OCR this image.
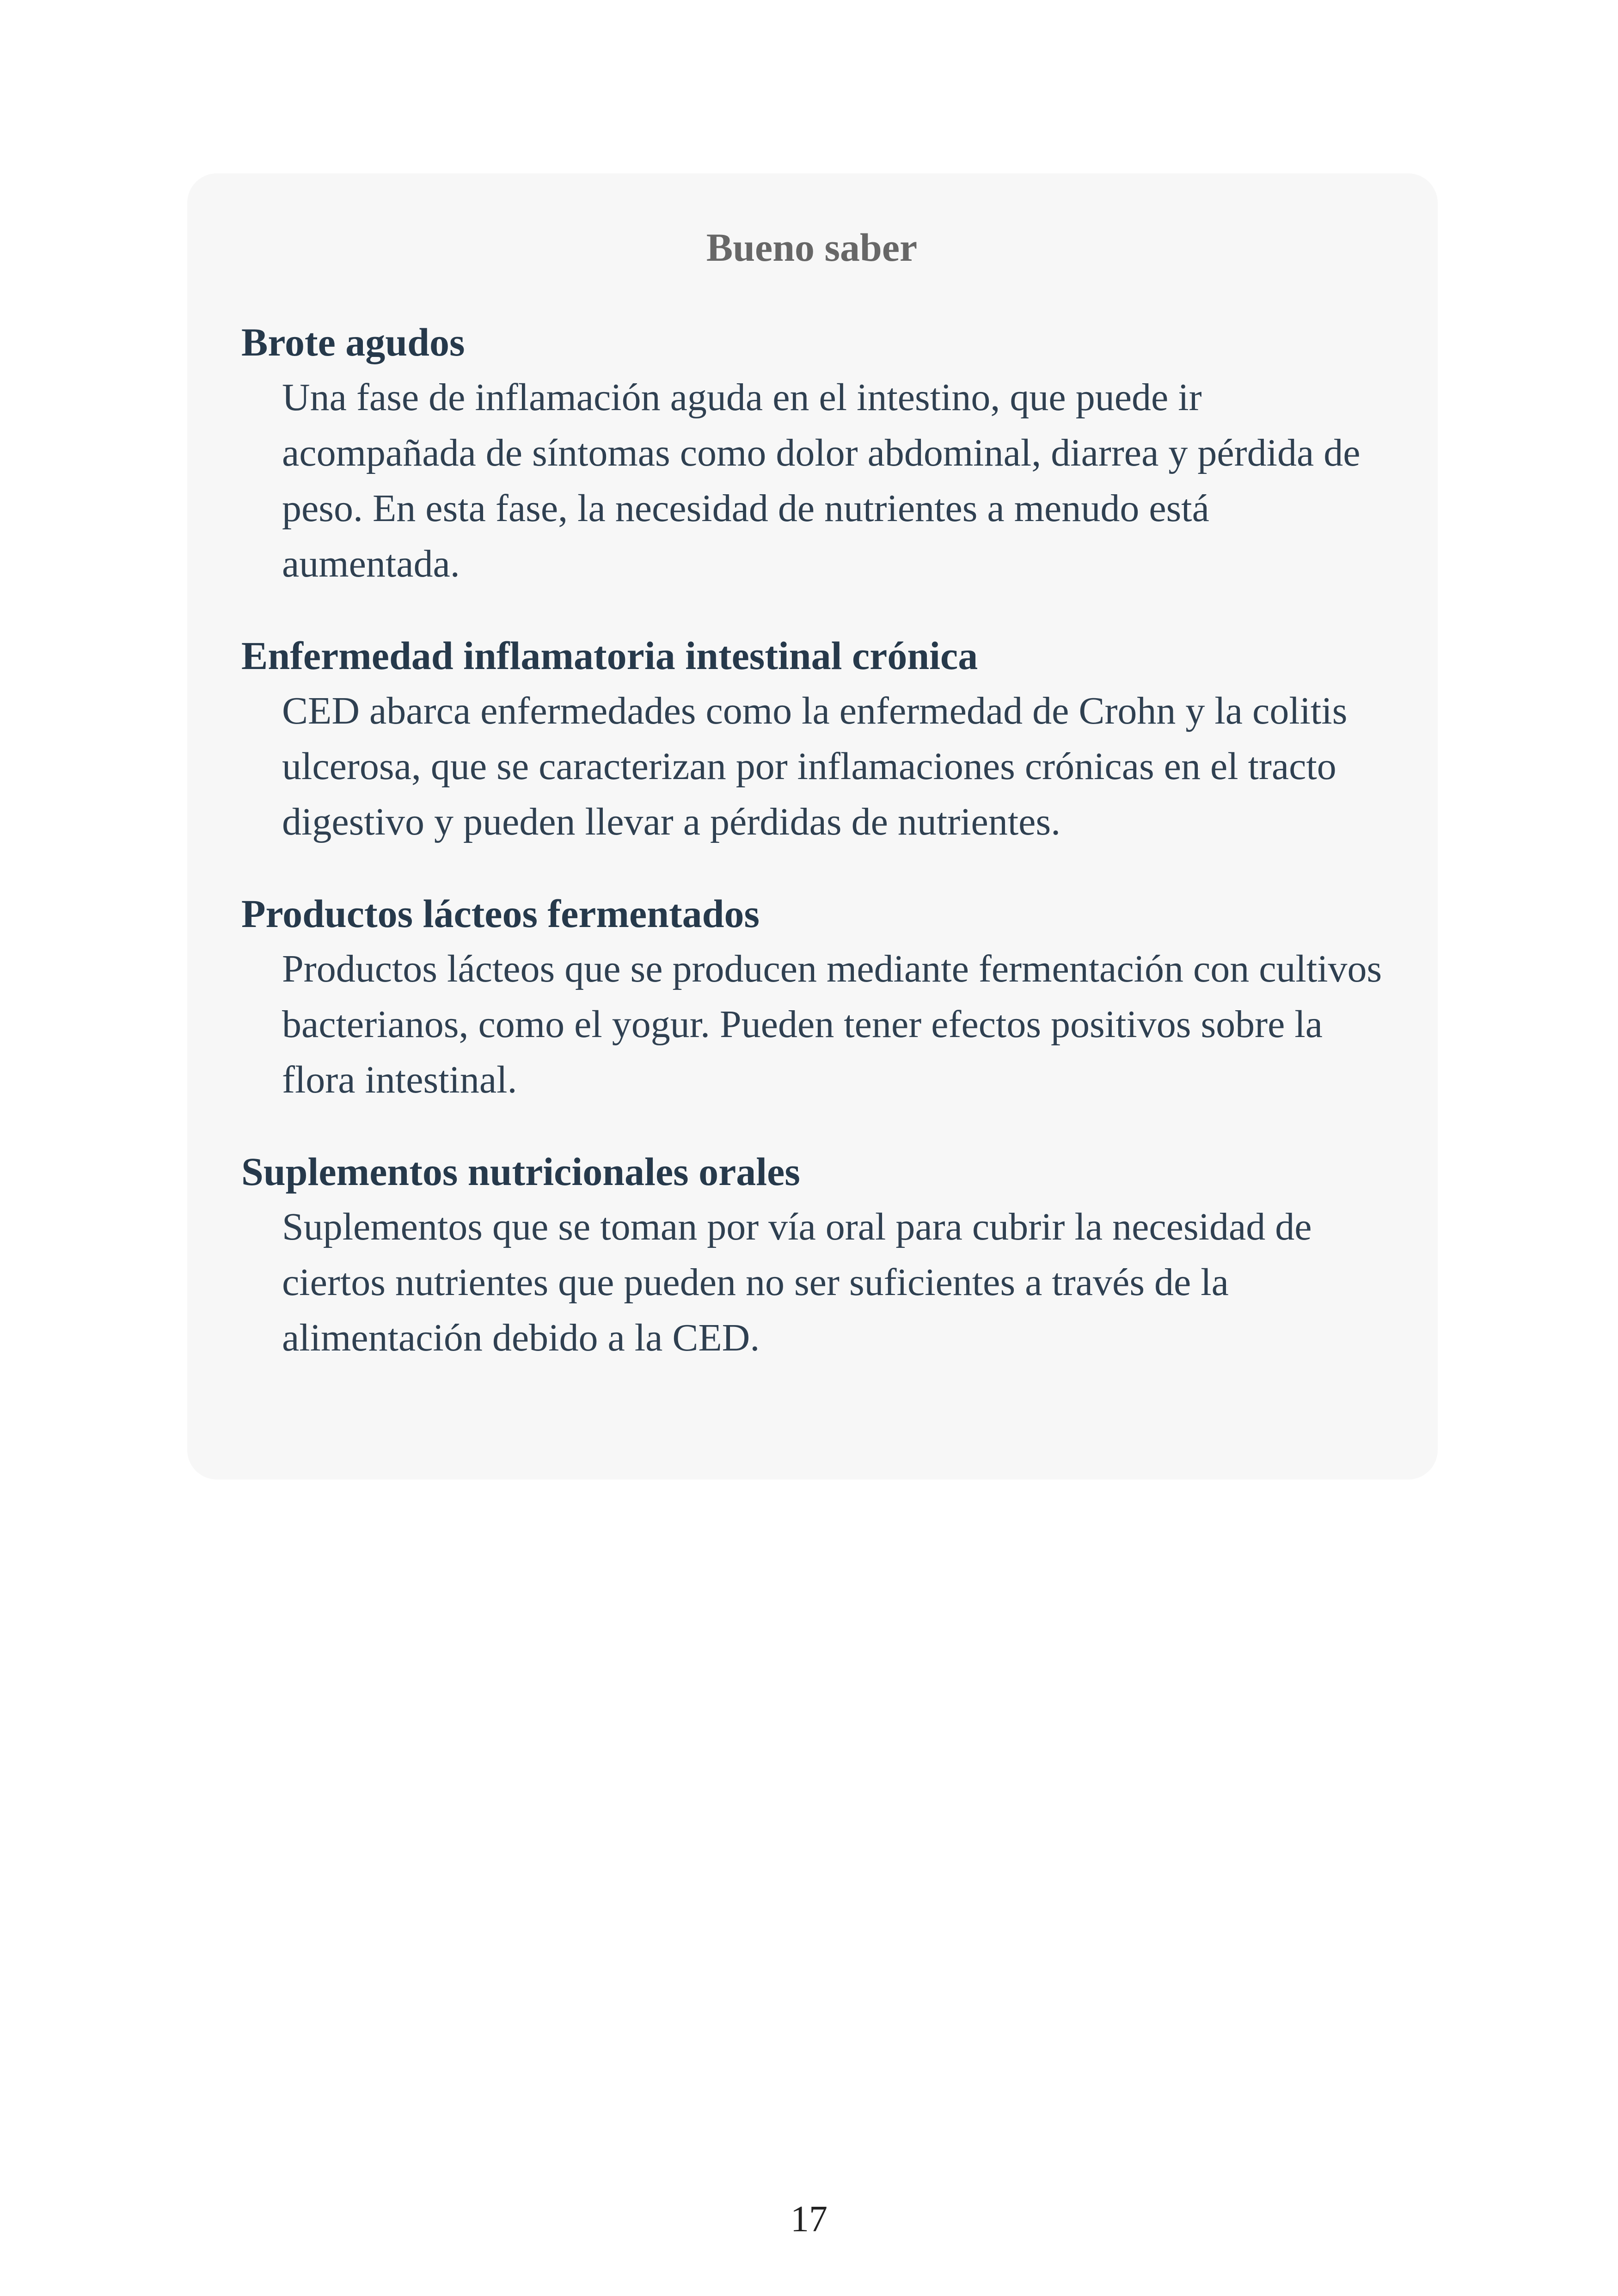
Bueno saber
Brote agudos

Una fase de inflamación aguda en el intestino, que puede ir acompañada de síntomas como dolor abdominal, diarrea y pérdida de peso. En esta fase, la necesidad de nutrientes a menudo está aumentada.

Enfermedad inflamatoria intestinal crónica

CED abarca enfermedades como la enfermedad de Crohn y la colitis ulcerosa, que se caracterizan por inflamaciones crónicas en el tracto digestivo y pueden llevar a pérdidas de nutrientes.

Productos lácteos fermentados

Productos lácteos que se producen mediante fermentación con cultivos bacterianos, como el yogur. Pueden tener efectos positivos sobre la flora intestinal.

Suplementos nutricionales orales

Suplementos que se toman por vía oral para cubrir la necesidad de ciertos nutrientes que pueden no ser suficientes a través de la alimentación debido a la CED.

17
